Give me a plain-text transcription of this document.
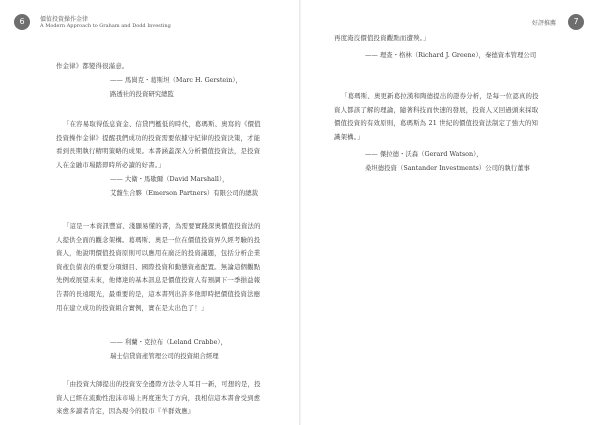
6	價值投資操作金律
A Modern Approach to Graham and Dodd Investing
作金律》都變得很滿意。
—— 馬崗克・葛斯坦（Marc H. Gerstein），
路透社的投資研究總監
「在容易取得低息資金、信貸門檻低的時代，葛瑪斯、奧寫的《價值投資操作金律》提醒我們成功的投資需要依據守紀律的投資決策，才能看到長期執行精明策略的成果。本書涵蓋深入分析價值投資法，是投資人在金融市場踏即時所必讀的好書。」
—— 大衛・馬歇爾（David Marshall），
艾馥生合夥（Emerson Partners）有限公司的總裁
「這是一本資訊豐富、淺顯易懂的書，為需要實踐深奧價值投資法的人提供全面的觀念架構。葛瑪斯、奧是一位在價值投資界久經考驗的投資人，他說明價值投資原則可以應用在廣泛的投資議題，包括分析企業資產負債表的重要分項細目、國際投資和動態資產配置。無論這個觀點先例或展望未來，他傳達的基本訊息是價值投資人有預調下一季損益報告書的長遠眼光，最重要的是，這本書列出許多他即時把價值投資法應用在建立成功的投資組合實例，實在是太出色了！」
—— 利蘭・克拉布（Leland Crabbe），
瑞士信貸資產管理公司的投資組合經理
「由投資大師提出的投資安全邊際方法令人耳目一新，可想的是，投資人已經在流動性泡沫市場上再度迷失了方向，我相信這本書會受到愈來愈多讀者肯定，因為現今的股市『羊群效應』
7
好評推薦
再度淹沒價值投資觀點而遭殃。」
—— 理查・格林（Richard J. Greene），秦德資本管理公司
「葛瑪斯、奧更新葛拉漢和陶德提出的證券分析，是每一位認真的投資人都該了解的理論，隨著科技而快速的發展，投資人又回過頭來採取價值投資的有效原則，葛瑪斯為 21 世紀的價值投資法制定了強大的知識架構。」
—— 傑拉德・沃森（Gerard Watson），
桑坦德投資（Santander Investments）公司的執行董事
